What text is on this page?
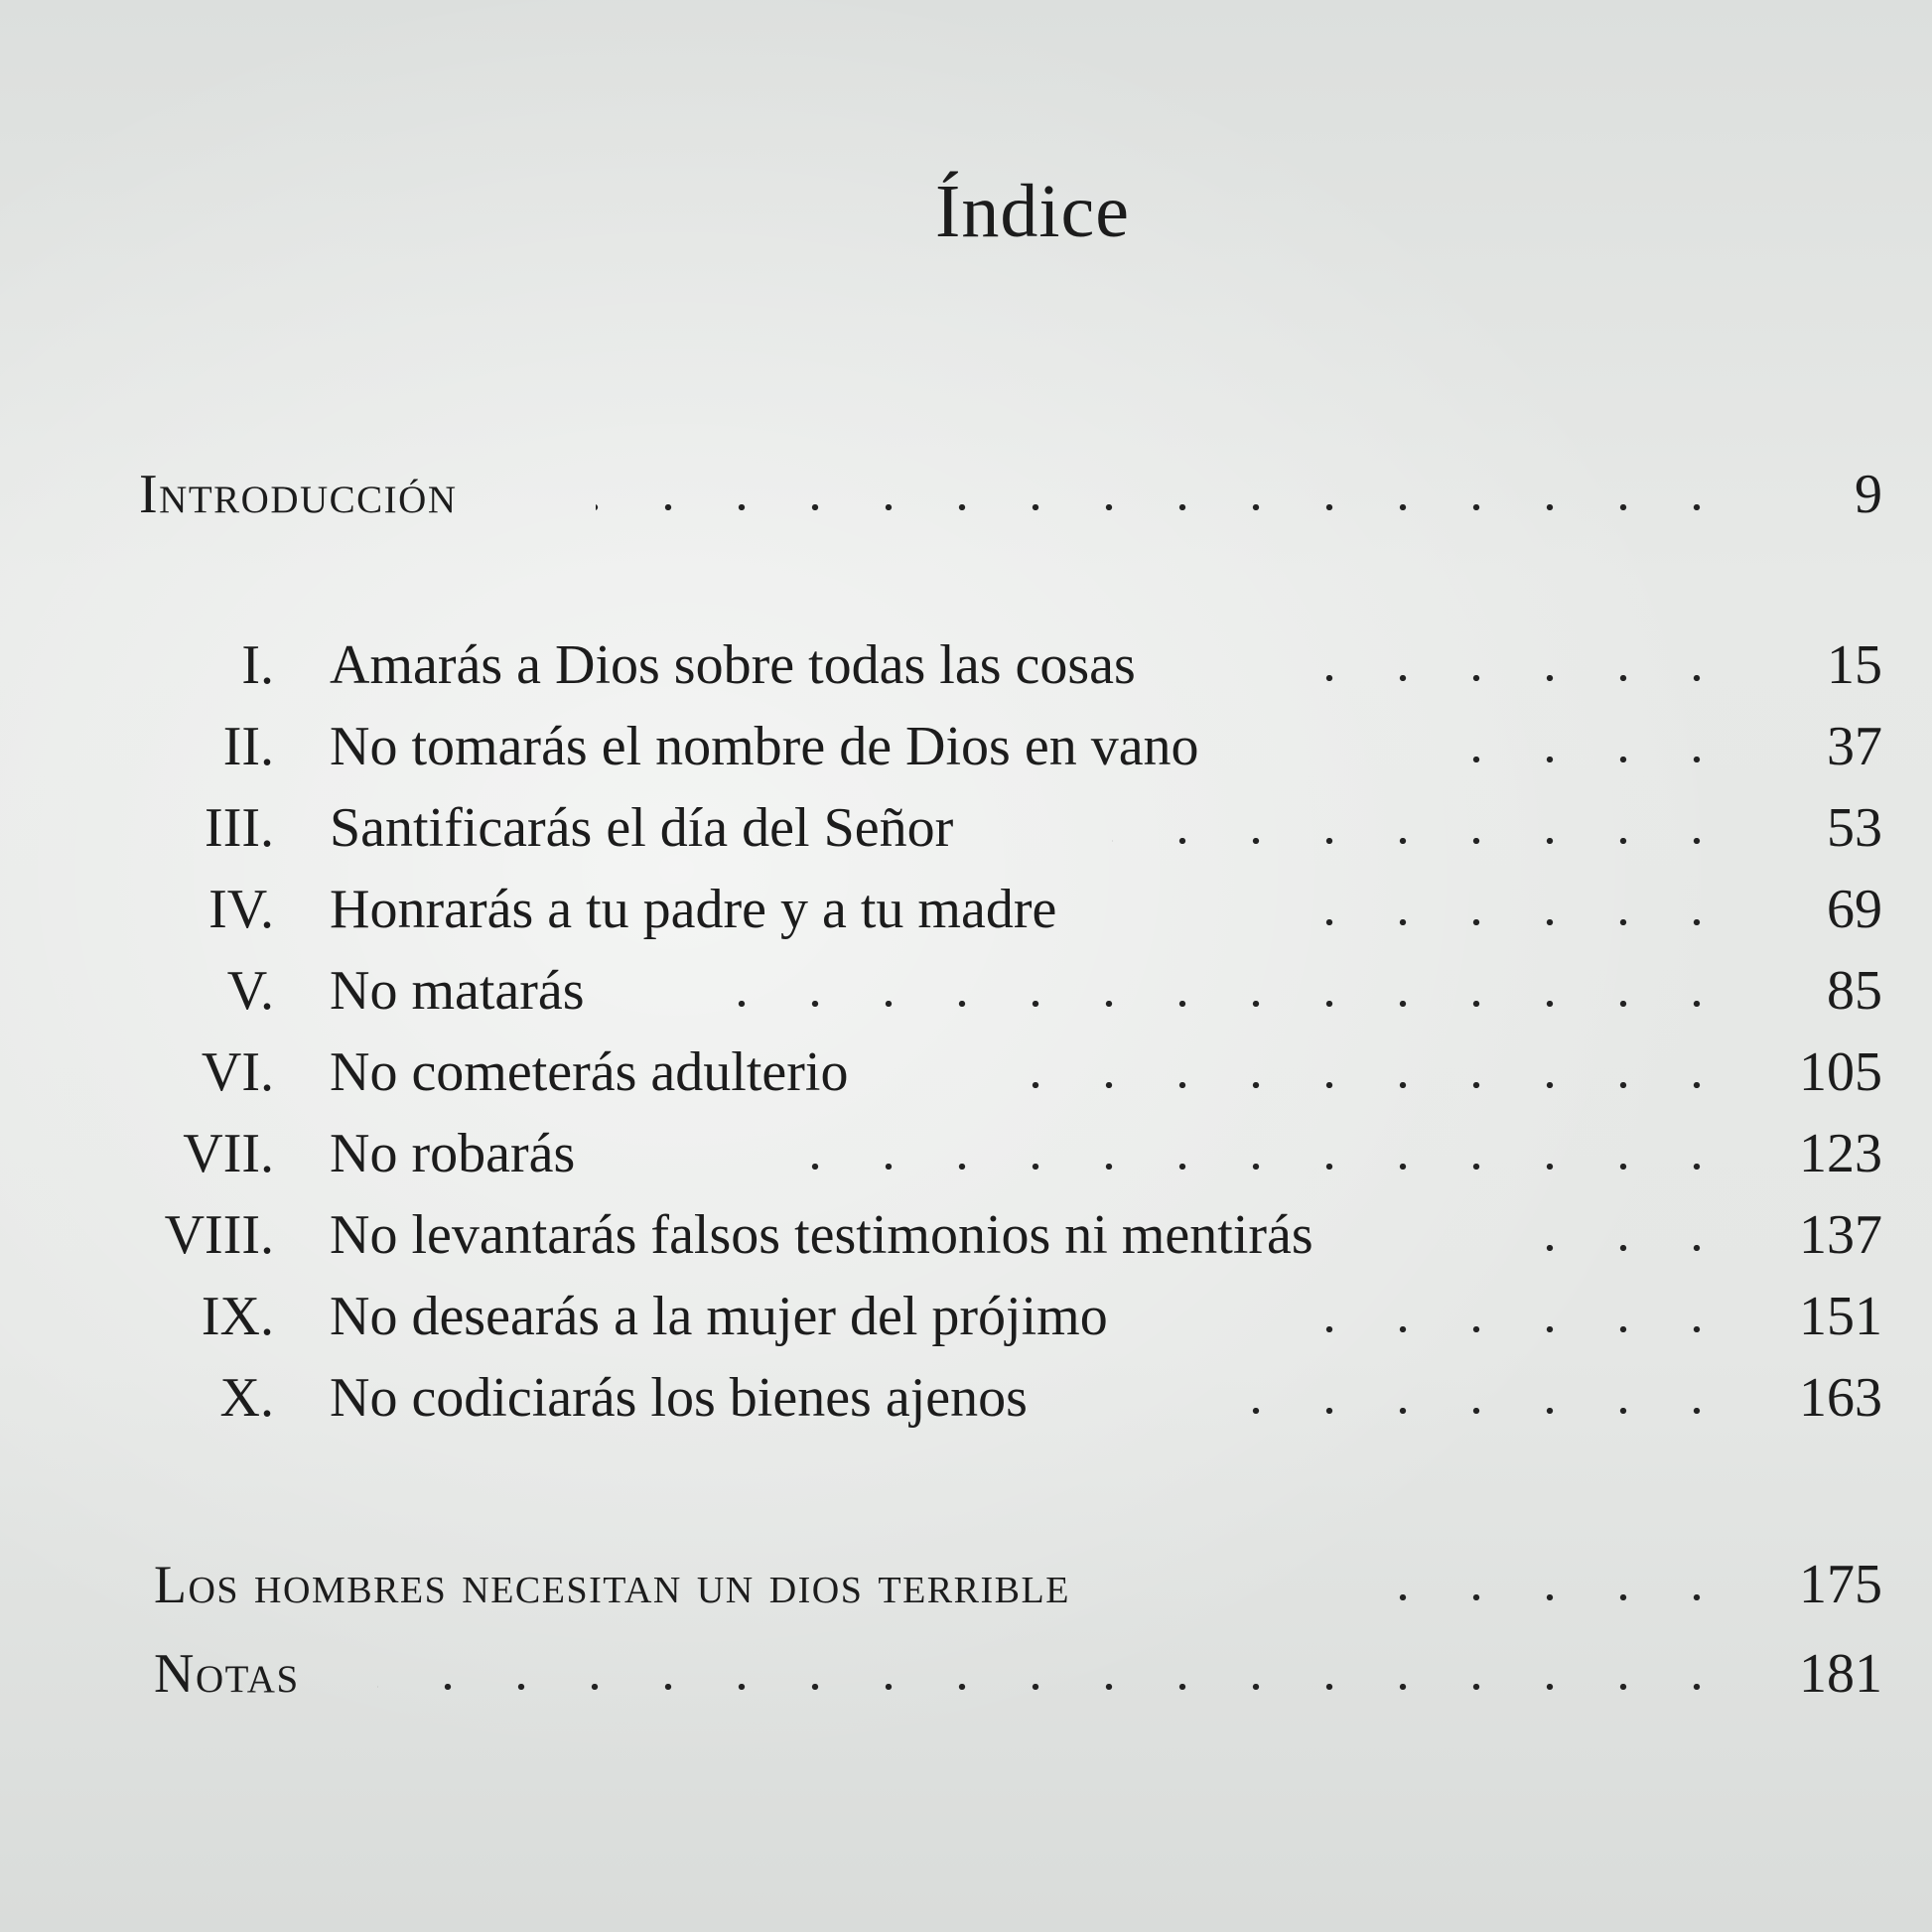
Índice
Introducción	9
I. Amarás a Dios sobre todas las cosas	15
II. No tomarás el nombre de Dios en vano	37
III. Santificarás el día del Señor	53
IV. Honrarás a tu padre y a tu madre	69
V. No matarás	85
VI. No cometerás adulterio	105
VII. No robarás	123
VIII. No levantarás falsos testimonios ni mentirás	137
IX. No desearás a la mujer del prójimo	151
X. No codiciarás los bienes ajenos	163
Los hombres necesitan un dios terrible	175
Notas	181
